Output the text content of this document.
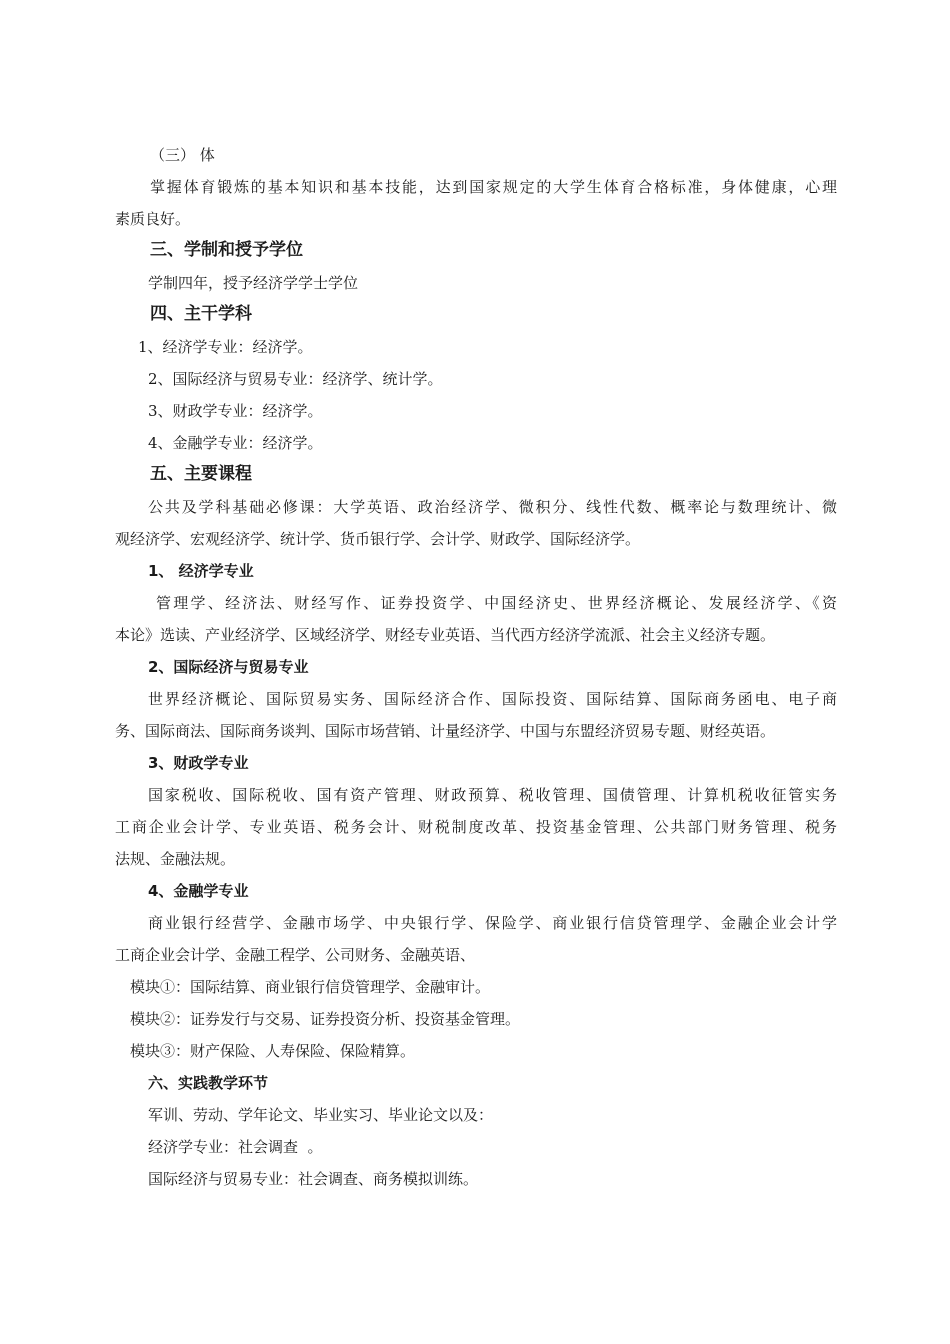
（三） 体
掌握体育锻炼的基本知识和基本技能，达到国家规定的大学生体育合格标准，身体健康，心理
素质良好。
三、学制和授予学位
学制四年，授予经济学学士学位
四、主干学科
1、经济学专业：经济学。
2、国际经济与贸易专业：经济学、统计学。
3、财政学专业：经济学。
4、金融学专业：经济学。
五、主要课程
公共及学科基础必修课：大学英语、政治经济学、微积分、线性代数、概率论与数理统计、微
观经济学、宏观经济学、统计学、货币银行学、会计学、财政学、国际经济学。
1、 经济学专业
管理学、经济法、财经写作、证券投资学、中国经济史、世界经济概论、发展经济学、《资
本论》选读、产业经济学、区域经济学、财经专业英语、当代西方经济学流派、社会主义经济专题。
2、国际经济与贸易专业
世界经济概论、国际贸易实务、国际经济合作、国际投资、国际结算、国际商务函电、电子商
务、国际商法、国际商务谈判、国际市场营销、计量经济学、中国与东盟经济贸易专题、财经英语。
3、财政学专业
国家税收、国际税收、国有资产管理、财政预算、税收管理、国债管理、计算机税收征管实务
工商企业会计学、专业英语、税务会计、财税制度改革、投资基金管理、公共部门财务管理、税务
法规、金融法规。
4、金融学专业
商业银行经营学、金融市场学、中央银行学、保险学、商业银行信贷管理学、金融企业会计学
工商企业会计学、金融工程学、公司财务、金融英语、
模块①：国际结算、商业银行信贷管理学、金融审计。
模块②：证券发行与交易、证券投资分析、投资基金管理。
模块③：财产保险、人寿保险、保险精算。
六、实践教学环节
军训、劳动、学年论文、毕业实习、毕业论文以及：
经济学专业：社会调查  。
国际经济与贸易专业：社会调查、商务模拟训练。
